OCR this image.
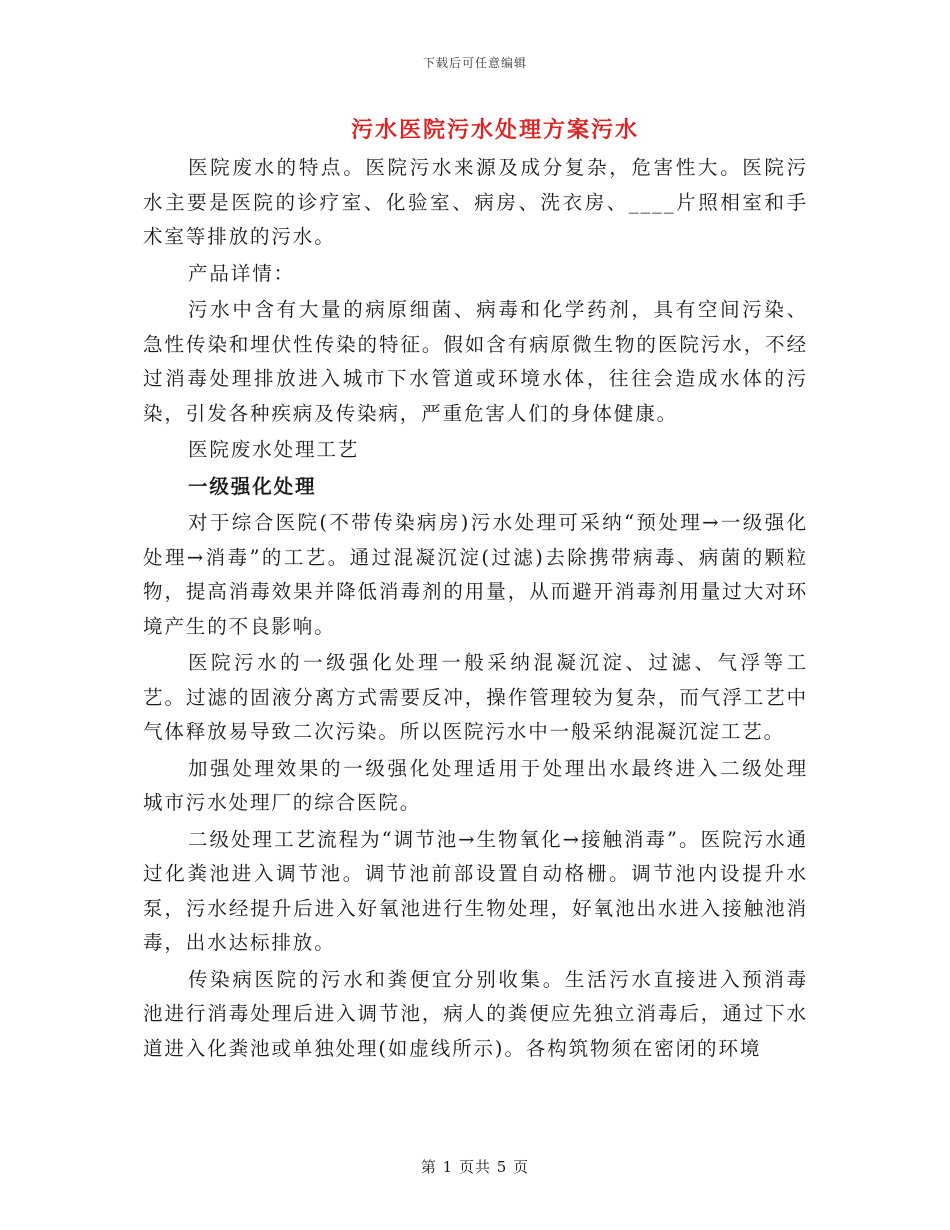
下载后可任意编辑
污水医院污水处理方案污水

医院废水的特点。医院污水来源及成分复杂，危害性大。医院污水主要是医院的诊疗室、化验室、病房、洗衣房、____片照相室和手术室等排放的污水。

产品详情：

污水中含有大量的病原细菌、病毒和化学药剂，具有空间污染、急性传染和埋伏性传染的特征。假如含有病原微生物的医院污水，不经过消毒处理排放进入城市下水管道或环境水体，往往会造成水体的污染，引发各种疾病及传染病，严重危害人们的身体健康。

医院废水处理工艺

一级强化处理

对于综合医院(不带传染病房)污水处理可采纳“预处理→一级强化处理→消毒”的工艺。通过混凝沉淀(过滤)去除携带病毒、病菌的颗粒物，提高消毒效果并降低消毒剂的用量，从而避开消毒剂用量过大对环境产生的不良影响。

医院污水的一级强化处理一般采纳混凝沉淀、过滤、气浮等工艺。过滤的固液分离方式需要反冲，操作管理较为复杂，而气浮工艺中气体释放易导致二次污染。所以医院污水中一般采纳混凝沉淀工艺。

加强处理效果的一级强化处理适用于处理出水最终进入二级处理城市污水处理厂的综合医院。

二级处理工艺流程为“调节池→生物氧化→接触消毒”。医院污水通过化粪池进入调节池。调节池前部设置自动格栅。调节池内设提升水泵，污水经提升后进入好氧池进行生物处理，好氧池出水进入接触池消毒，出水达标排放。

传染病医院的污水和粪便宜分别收集。生活污水直接进入预消毒池进行消毒处理后进入调节池，病人的粪便应先独立消毒后，通过下水道进入化粪池或单独处理(如虚线所示)。各构筑物须在密闭的环境

第 1 页共 5 页
